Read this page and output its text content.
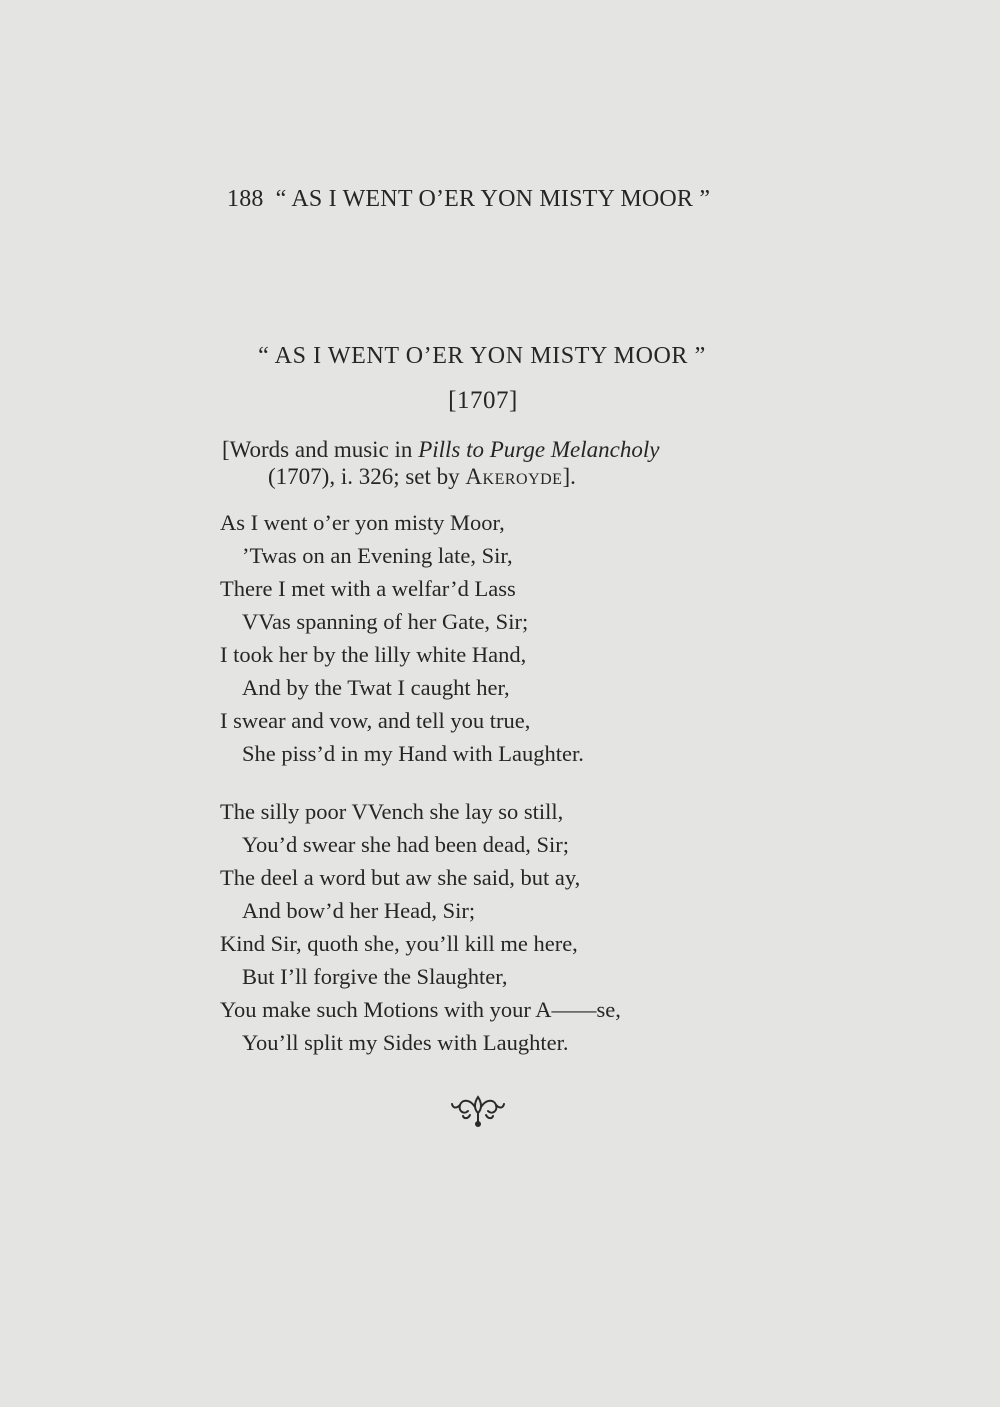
188 “ AS I WENT O’ER YON MISTY MOOR ”
“ AS I WENT O’ER YON MISTY MOOR ”
[1707]
[Words and music in Pills to Purge Melancholy
(1707), i. 326; set by Akeroyde].
As I went o’er yon misty Moor,
’Twas on an Evening late, Sir,
There I met with a welfar’d Lass
VVas spanning of her Gate, Sir;
I took her by the lilly white Hand,
And by the Twat I caught her,
I swear and vow, and tell you true,
She piss’d in my Hand with Laughter.
The silly poor VVench she lay so still,
You’d swear she had been dead, Sir;
The deel a word but aw she said, but ay,
And bow’d her Head, Sir;
Kind Sir, quoth she, you’ll kill me here,
But I’ll forgive the Slaughter,
You make such Motions with your A——se,
You’ll split my Sides with Laughter.
